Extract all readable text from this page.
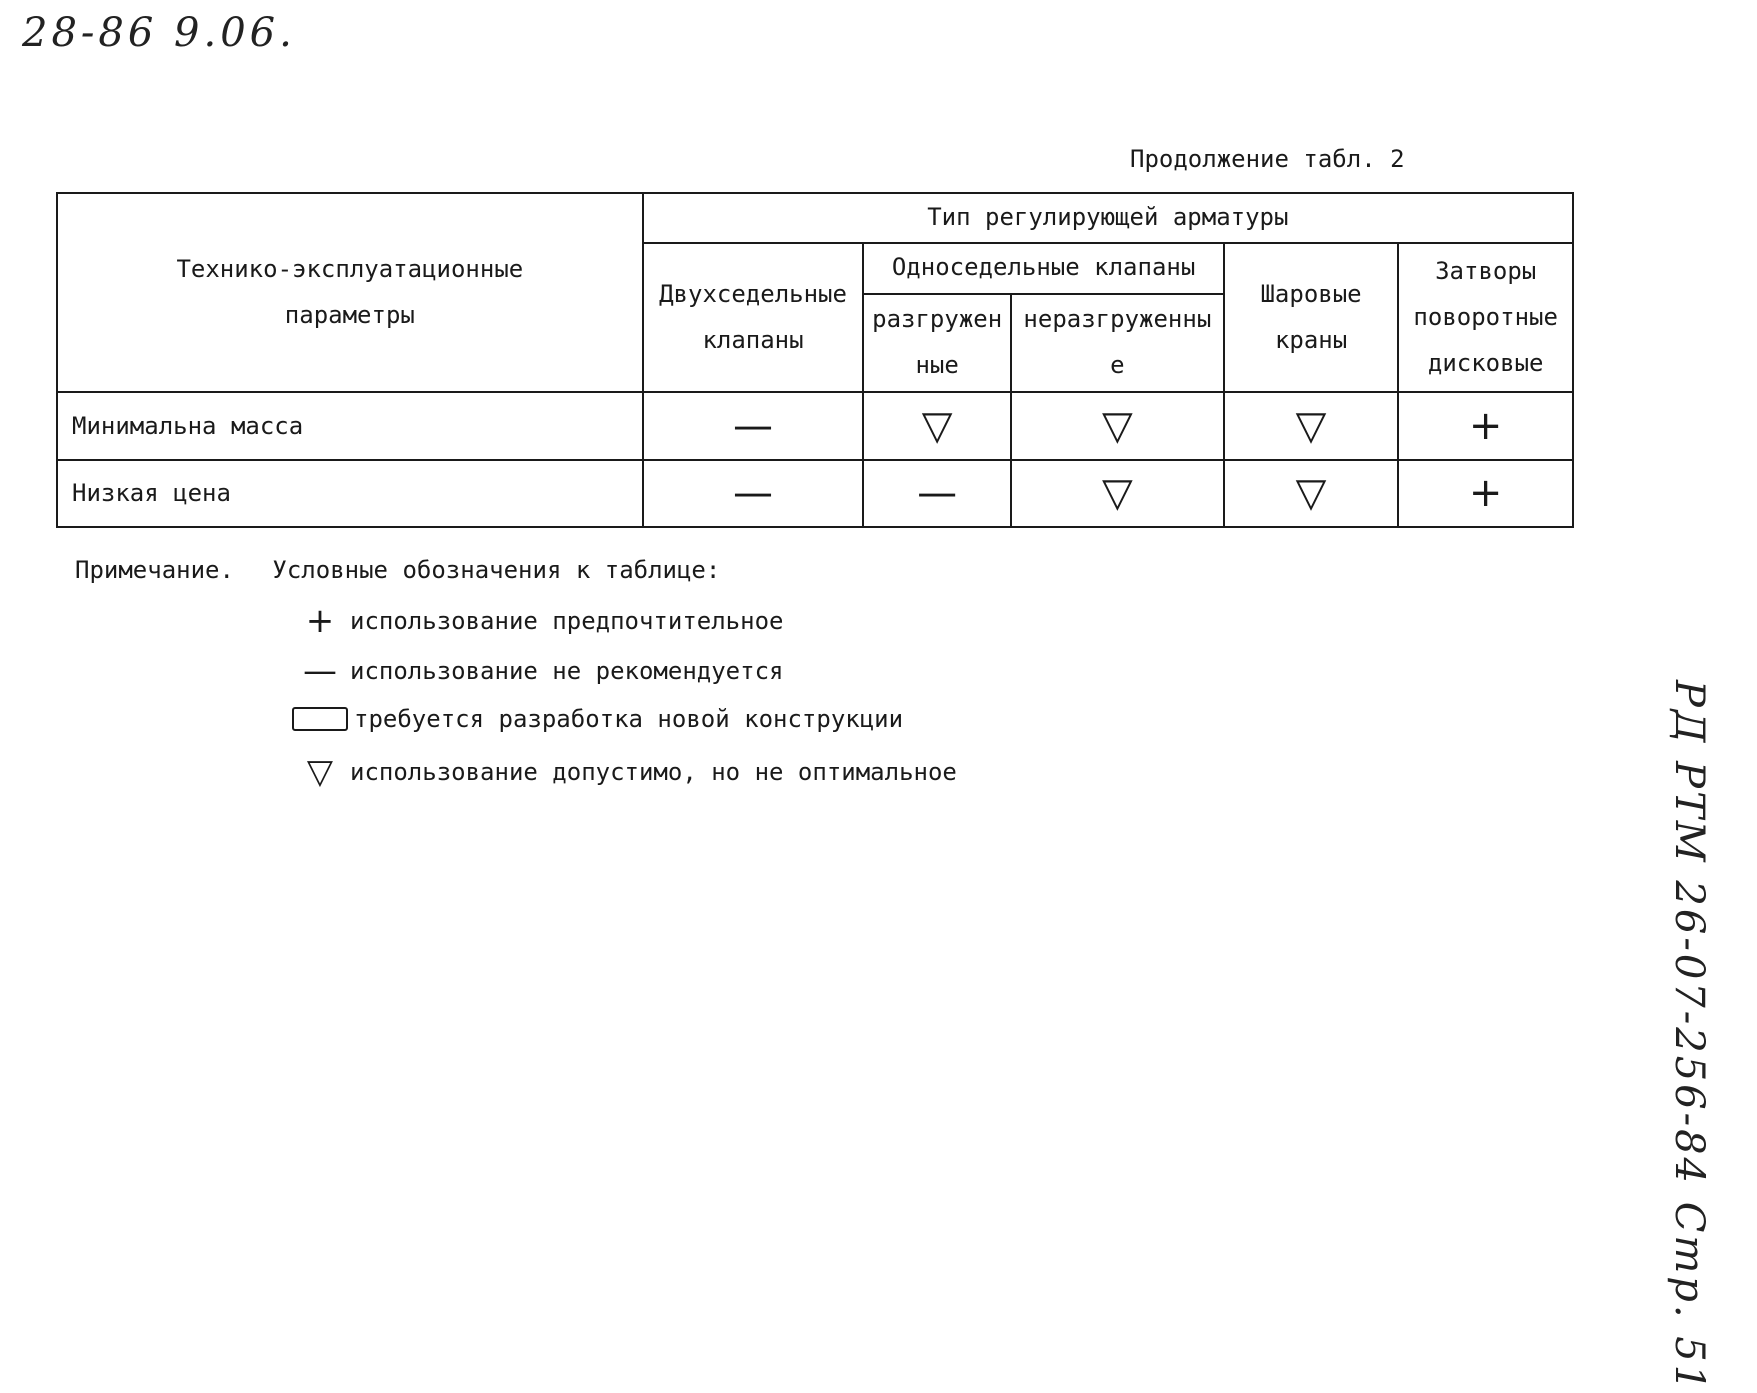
28-86 9.06.
Продолжение табл. 2
Технико-эксплуатационные параметры	Тип регулирующей арматуры				
	Двухседельные клапаны	Односедельные клапаны		Шаровые краны	Затворы поворотные дисковые
		разгруженные	неразгруженные		
Минимальна масса	—	▽	▽	▽	+
Низкая цена	—	—	▽	▽	+
Примечание. Условные обозначения к таблице:
+ использование предпочтительное
— использование не рекомендуется
требуется разработка новой конструкции
▽ использование допустимо, но не оптимальное	РД РТМ 26-07-256-84 Стр. 51
